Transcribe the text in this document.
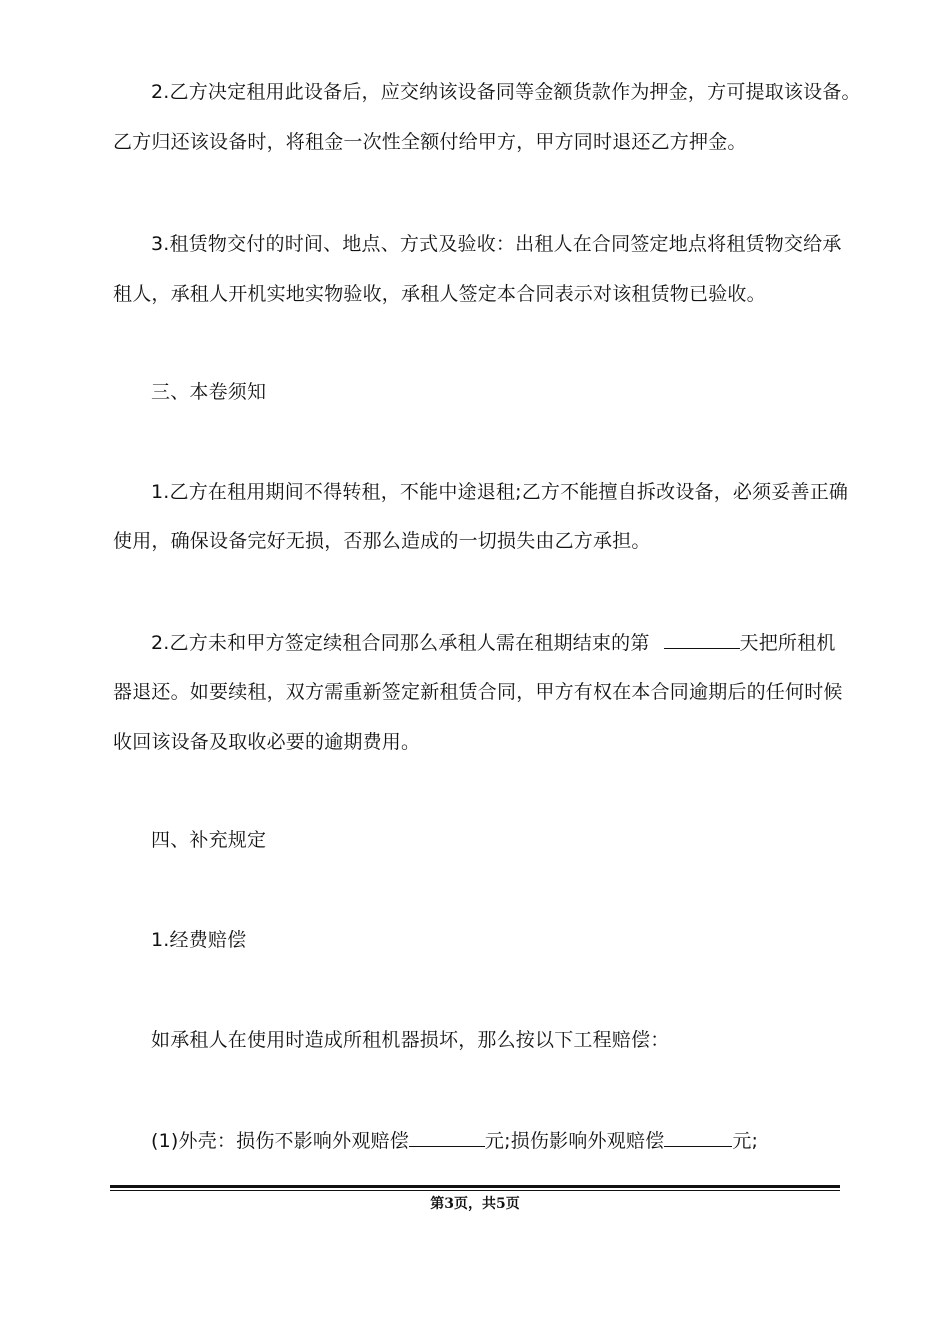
2.乙方决定租用此设备后，应交纳该设备同等金额货款作为押金，方可提取该设备。
乙方归还该设备时，将租金一次性全额付给甲方，甲方同时退还乙方押金。
3.租赁物交付的时间、地点、方式及验收：出租人在合同签定地点将租赁物交给承
租人，承租人开机实地实物验收，承租人签定本合同表示对该租赁物已验收。
三、本卷须知
1.乙方在租用期间不得转租，不能中途退租;乙方不能擅自拆改设备，必须妥善正确
使用，确保设备完好无损，否那么造成的一切损失由乙方承担。
2.乙方未和甲方签定续租合同那么承租人需在租期结束的第	天把所租机
器退还。如要续租，双方需重新签定新租赁合同，甲方有权在本合同逾期后的任何时候
收回该设备及取收必要的逾期费用。
四、补充规定
1.经费赔偿
如承租人在使用时造成所租机器损坏，那么按以下工程赔偿：
(1)外壳：损伤不影响外观赔偿	元;损伤影响外观赔偿	元;
第3页，共5页
